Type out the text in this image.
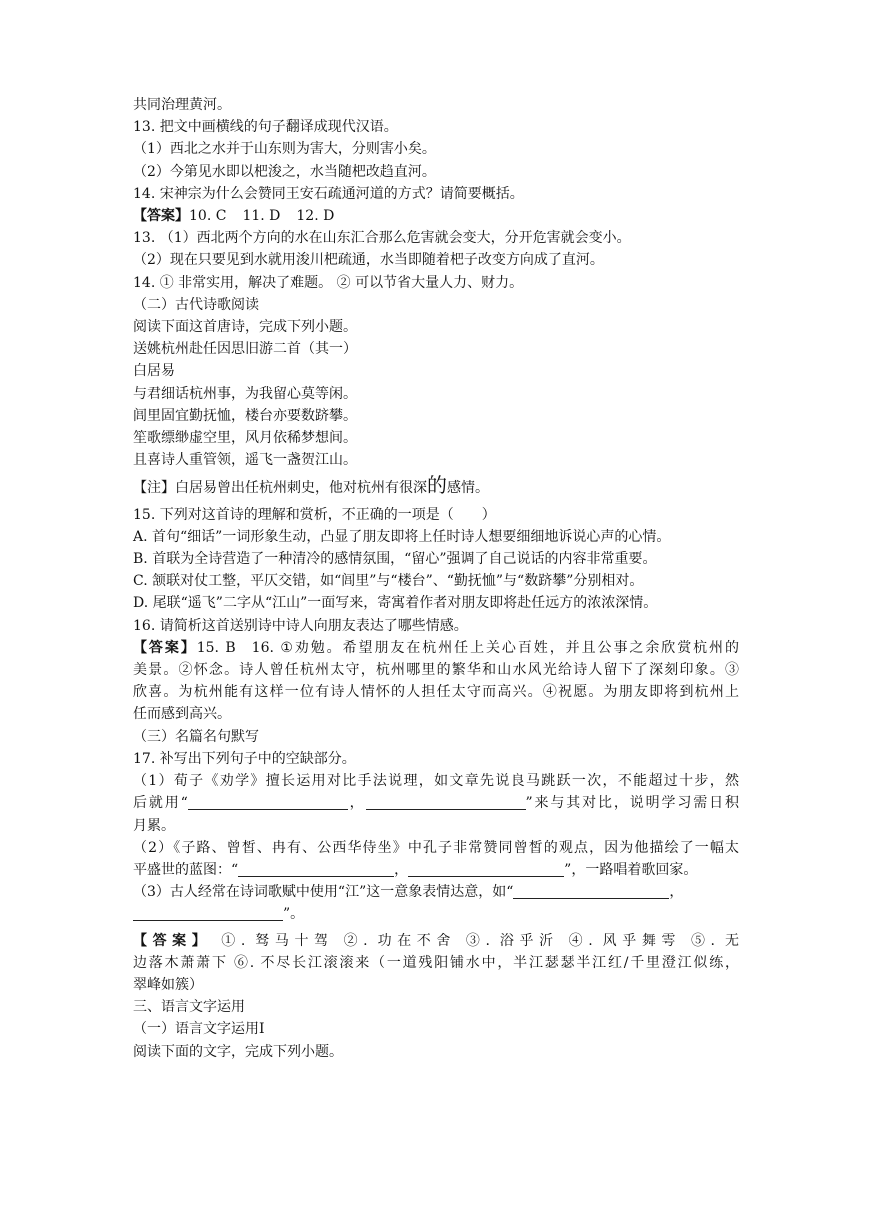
共同治理黄河。
13. 把文中画横线的句子翻译成现代汉语。
（1）西北之水并于山东则为害大，分则害小矣。
（2）今第见水即以杷浚之，水当随杷改趋直河。
14. 宋神宗为什么会赞同王安石疏通河道的方式？请简要概括。
【答案】10. C 11. D 12. D
13. （1）西北两个方向的水在山东汇合那么危害就会变大，分开危害就会变小。
（2）现在只要见到水就用浚川杷疏通，水当即随着杷子改变方向成了直河。
14. ① 非常实用，解决了难题。 ② 可以节省大量人力、财力。
（二）古代诗歌阅读
阅读下面这首唐诗，完成下列小题。
送姚杭州赴任因思旧游二首（其一）
白居易
与君细话杭州事，为我留心莫等闲。
闾里固宜勤抚恤，楼台亦要数跻攀。
笙歌缥缈虚空里，风月依稀梦想间。
且喜诗人重管领，遥飞一盏贺江山。
【注】白居易曾出任杭州刺史，他对杭州有很深的感情。
15. 下列对这首诗的理解和赏析，不正确的一项是（　　）
A. 首句“细话”一词形象生动，凸显了朋友即将上任时诗人想要细细地诉说心声的心情。
B. 首联为全诗营造了一种清冷的感情氛围，“留心”强调了自己说话的内容非常重要。
C. 颔联对仗工整，平仄交错，如“闾里”与“楼台”、“勤抚恤”与“数跻攀”分别相对。
D. 尾联“遥飞”二字从“江山”一面写来，寄寓着作者对朋友即将赴任远方的浓浓深情。
16. 请简析这首送别诗中诗人向朋友表达了哪些情感。
【答案】15. B 16. ①劝勉。希望朋友在杭州任上关心百姓，并且公事之余欣赏杭州的
美景。②怀念。诗人曾任杭州太守，杭州哪里的繁华和山水风光给诗人留下了深刻印象。③
欣喜。为杭州能有这样一位有诗人情怀的人担任太守而高兴。④祝愿。为朋友即将到杭州上
任而感到高兴。
（三）名篇名句默写
17. 补写出下列句子中的空缺部分。
（1）荀子《劝学》擅长运用对比手法说理，如文章先说良马跳跃一次，不能超过十步，然
后就用“	，	”来与其对比，说明学习需日积
月累。
（2）《子路、曾皙、冉有、公西华侍坐》中孔子非常赞同曾皙的观点，因为他描绘了一幅太
平盛世的蓝图：“	，	”，一路唱着歌回家。
（3）古人经常在诗词歌赋中使用“江”这一意象表情达意，如“	，
”。
【答案】 ①. 驽马十驾 ②. 功在不舍 ③. 浴乎沂 ④. 风乎舞雩 ⑤. 无
边落木萧萧下 ⑥. 不尽长江滚滚来（一道残阳铺水中，半江瑟瑟半江红/千里澄江似练，
翠峰如簇）
三、语言文字运用
（一）语言文字运用Ⅰ
阅读下面的文字，完成下列小题。
